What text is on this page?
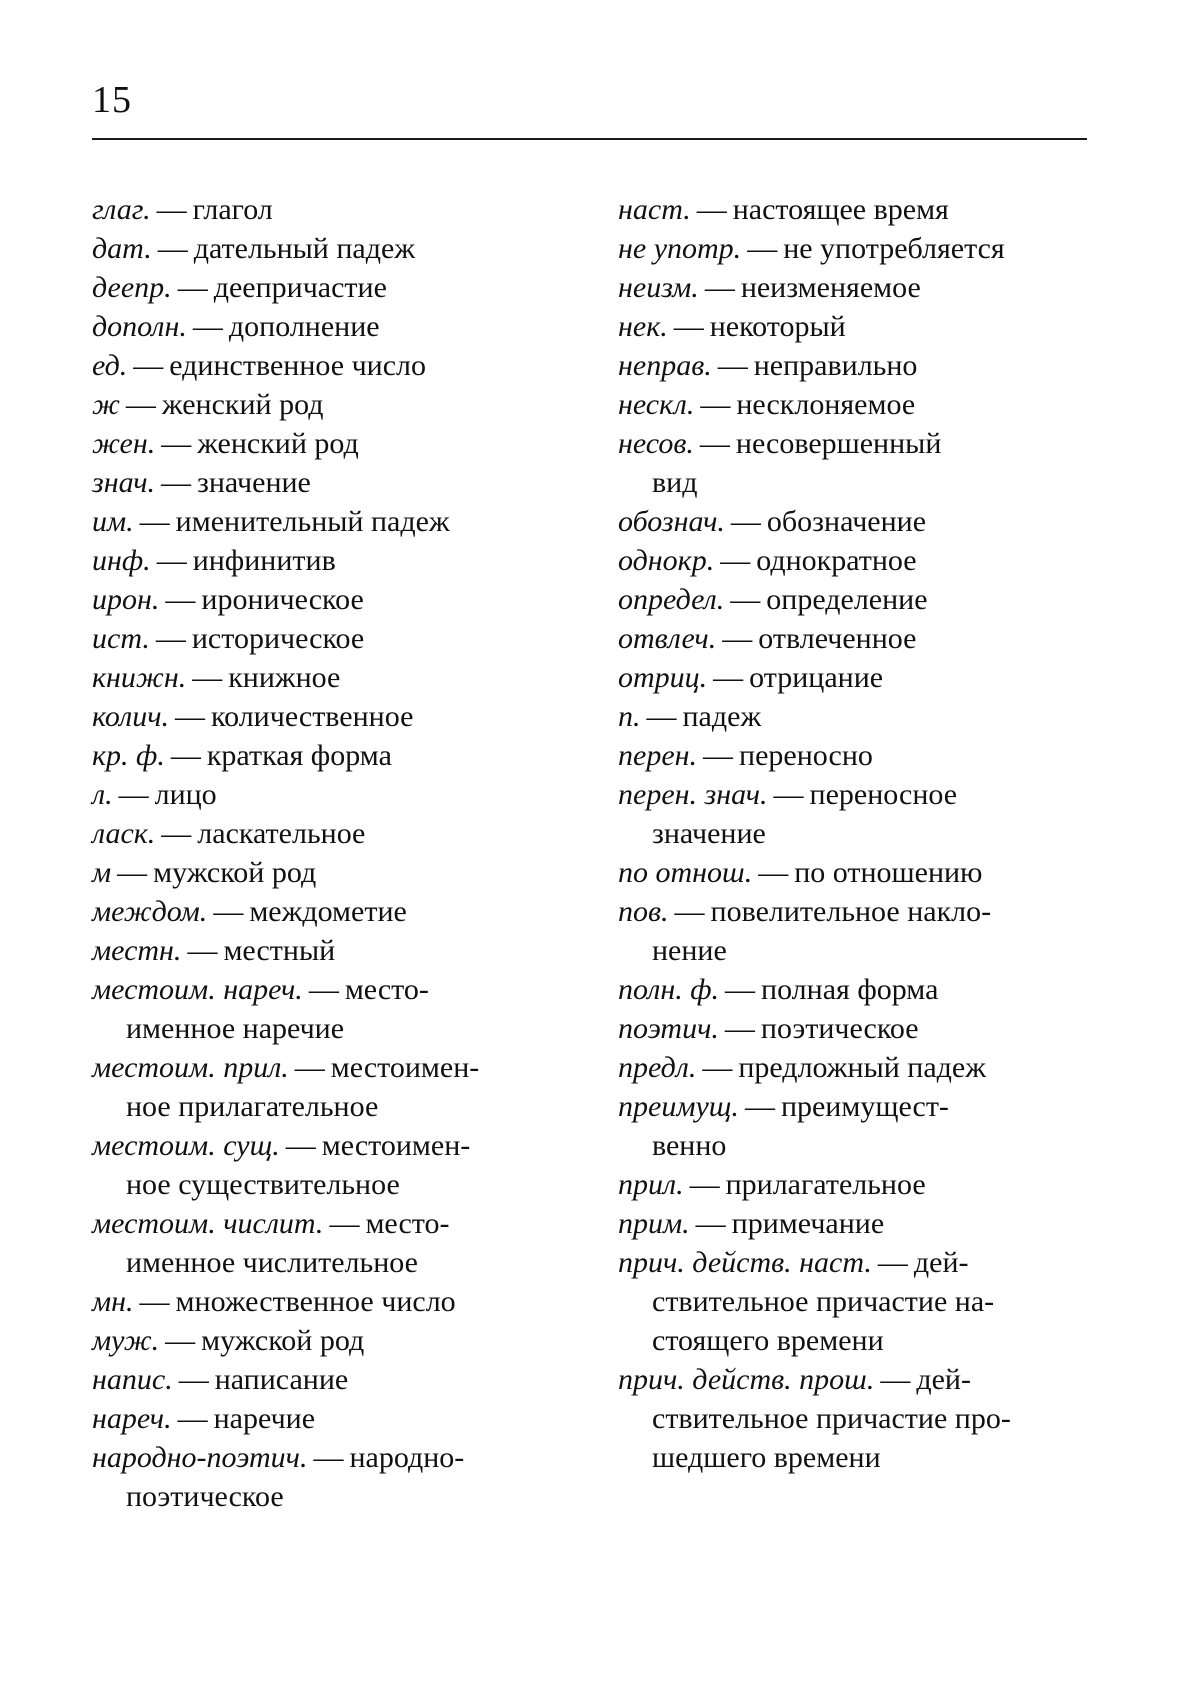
15
глаг. — глагол
дат. — дательный падеж
деепр. — деепричастие
дополн. — дополнение
ед. — единственное число
ж — женский род
жен. — женский род
знач. — значение
им. — именительный падеж
инф. — инфинитив
ирон. — ироническое
ист. — историческое
книжн. — книжное
колич. — количественное
кр. ф. — краткая форма
л. — лицо
ласк. — ласкательное
м — мужской род
междом. — междометие
местн. — местный
местоим. нареч. — место-
именное наречие
местоим. прил. — местоимен-
ное прилагательное
местоим. сущ. — местоимен-
ное существительное
местоим. числит. — место-
именное числительное
мн. — множественное число
муж. — мужской род
напис. — написание
нареч. — наречие
народно-поэтич. — народно-
поэтическое
наст. — настоящее время
не употр. — не употребляется
неизм. — неизменяемое
нек. — некоторый
неправ. — неправильно
нескл. — несклоняемое
несов. — несовершенный
вид
обознач. — обозначение
однокр. — однократное
определ. — определение
отвлеч. — отвлеченное
отриц. — отрицание
п. — падеж
перен. — переносно
перен. знач. — переносное
значение
по отнош. — по отношению
пов. — повелительное накло-
нение
полн. ф. — полная форма
поэтич. — поэтическое
предл. — предложный падеж
преимущ. — преимущест-
венно
прил. — прилагательное
прим. — примечание
прич. действ. наст. — дей-
ствительное причастие на-
стоящего времени
прич. действ. прош. — дей-
ствительное причастие про-
шедшего времени
